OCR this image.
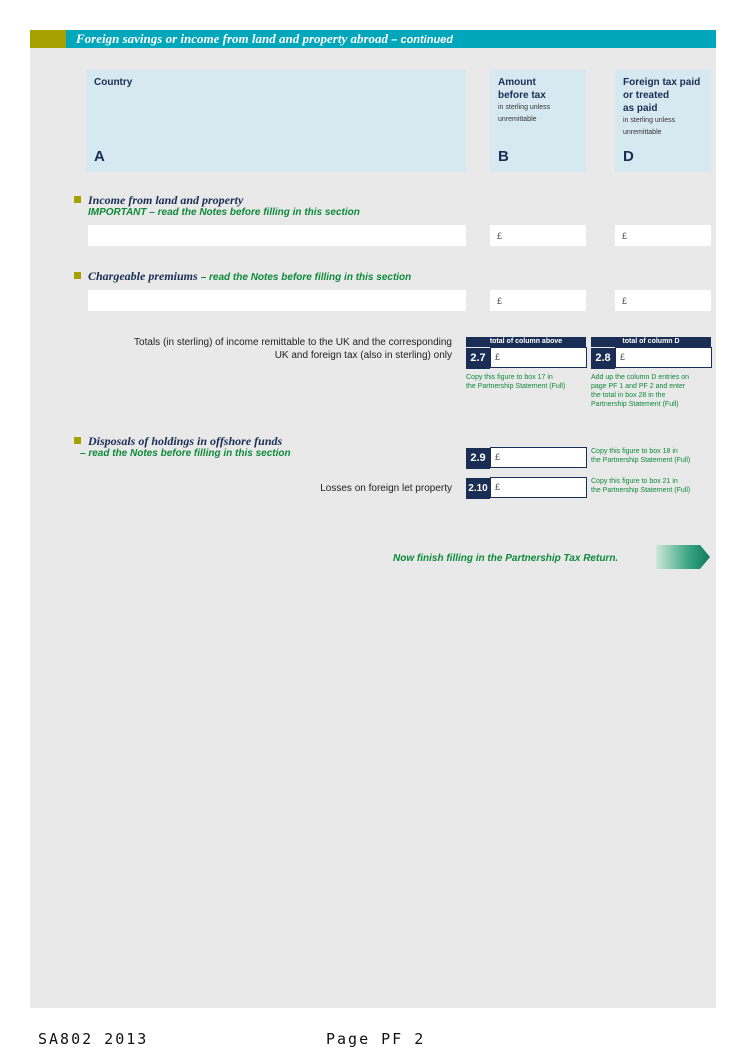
Foreign savings or income from land and property abroad – continued
Country
A
Amount
before tax
in sterling unless
unremittable
B
Foreign tax paid
or treated
as paid
in sterling unless
unremittable
D
Income from land and property
IMPORTANT – read the Notes before filling in this section
£	£
Chargeable premiums – read the Notes before filling in this section
£	£
Totals (in sterling) of income remittable to the UK and the corresponding
UK and foreign tax (also in sterling) only
total of column above
2.7	£
Copy this figure to box 17 in
the Partnership Statement (Full)
total of column D
2.8	£
Add up the column D entries on
page PF 1 and PF 2 and enter
the total in box 28 in the
Partnership Statement (Full)
Disposals of holdings in offshore funds
– read the Notes before filling in this section	2.9	£
Copy this figure to box 18 in
the Partnership Statement (Full)
Losses on foreign let property 2.10 £
Copy this figure to box 21 in
the Partnership Statement (Full)
Now finish filling in the Partnership Tax Return.
SA802 2013	Page PF 2
